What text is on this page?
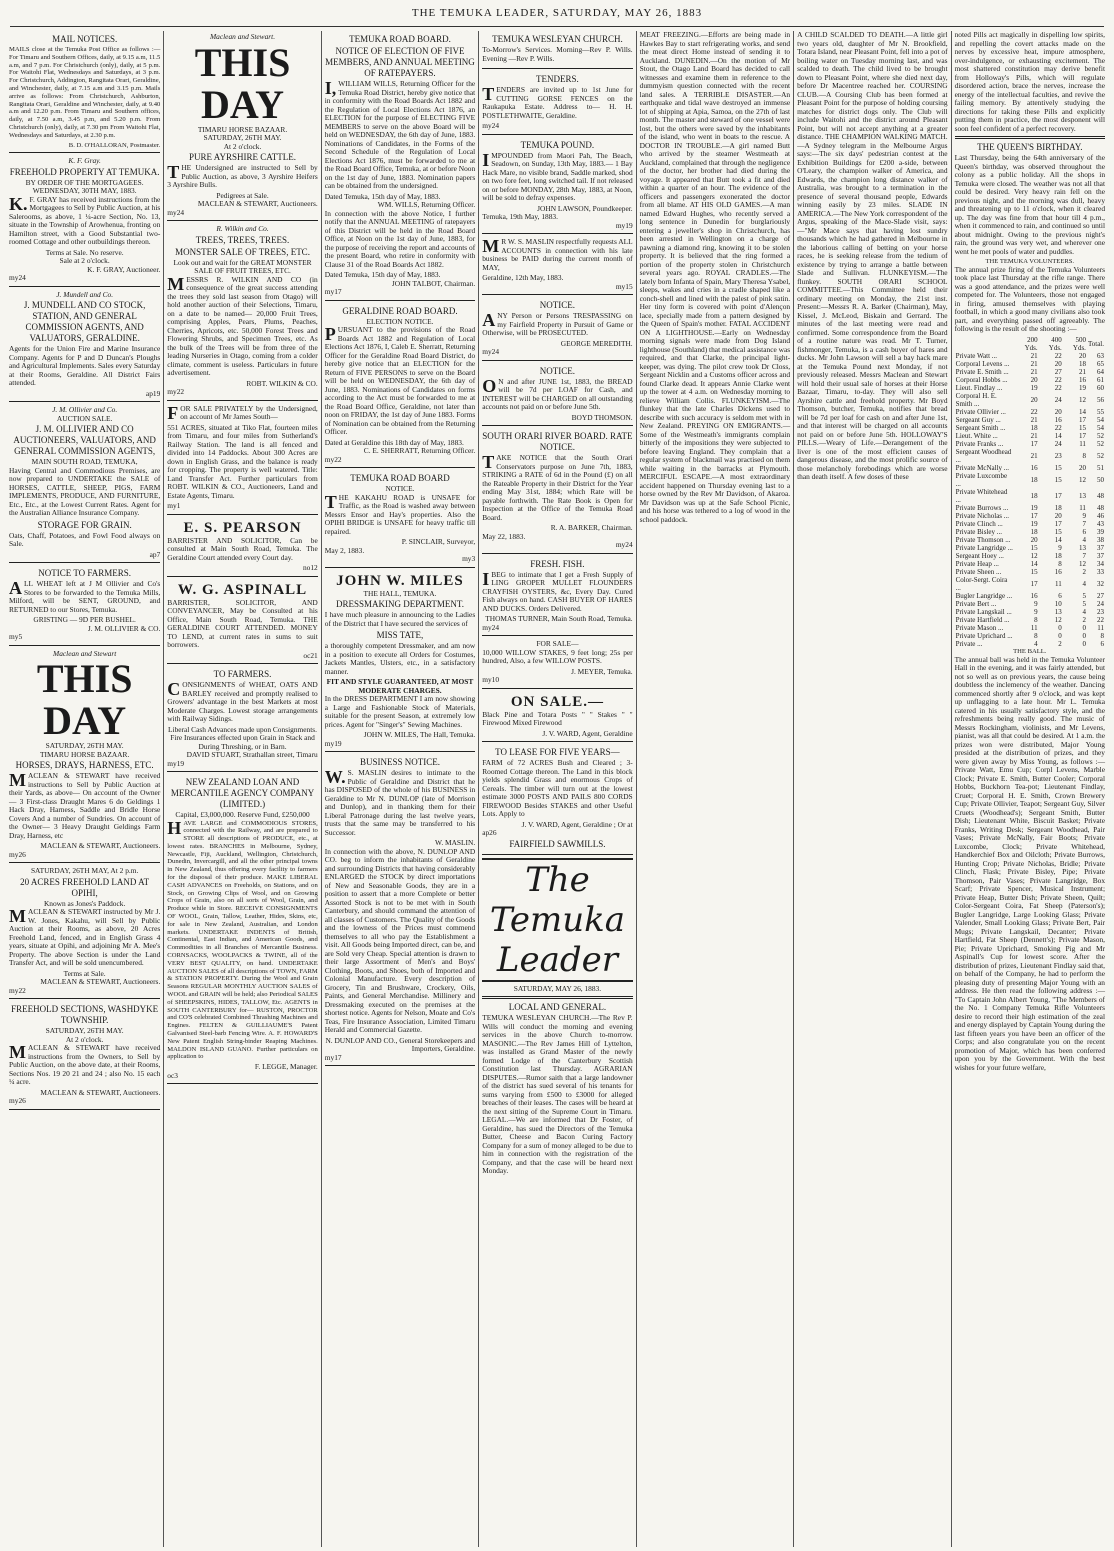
THE TEMUKA LEADER, SATURDAY, MAY 26, 1883
MAIL NOTICES.

MAILS close at the Temuka Post Office as follows :— For Timaru and Southern Offices, daily, at 9.15 a.m, 11.5 a.m, and 7 p.m. For Christchurch (only), daily, at 5 p.m. For Waitohi Flat, Wednesdays and Saturdays, at 3 p.m. For Christchurch, Addington, Rangitata Orari, Geraldine, and Winchester, daily, at 7.15 a.m and 3.15 p.m. Mails arrive as follows: From Christchurch, Ashburton, Rangitata Orari, Geraldine and Winchester, daily, at 9.40 a.m and 12.20 p.m. From Timaru and Southern offices, daily, at 7.50 a.m, 3.45 p.m, and 5.20 p.m. From Christchurch (only), daily, at 7.30 pm From Waitohi Flat, Wednesdays and Saturdays, at 2.30 p.m.

B. D. O'HALLORAN, Postmaster.
K. F. Gray.
FREEHOLD PROPERTY AT TEMUKA.
BY ORDER OF THE MORTGAGEES.
WEDNESDAY, 30TH MAY, 1883.

K.F. GRAY has received instructions from the Mortgagees to Sell by Public Auction, at his Salerooms, as above, 1 ¼-acre Section, No. 13, situate in the Township of Arowhenua, fronting on Hamilton street, with a Good Substantial two-roomed Cottage and other outbuildings thereon.

Terms at Sale. No reserve.
Sale at 2 o'clock.
K. F. GRAY, Auctioneer.
my24
J. Mundell and Co.
J. MUNDELL AND CO STOCK, STATION, AND GENERAL COMMISSION AGENTS, AND VALUATORS, GERALDINE.

Agents for the Union Fire and Marine Insurance Company. Agents for P and D Duncan's Ploughs and Agricultural Implements. Sales every Saturday at their Rooms, Geraldine. All District Fairs attended.

ap19
J. M. Ollivier and Co.
AUCTION SALE.
J. M. OLLIVIER AND CO AUCTIONEERS, VALUATORS, AND GENERAL COMMISSION AGENTS,
MAIN SOUTH ROAD, TEMUKA,

Having Central and Commodious Premises, are now prepared to UNDERTAKE the SALE of HORSES, CATTLE, SHEEP, PIGS, FARM IMPLEMENTS, PRODUCE, AND FURNITURE, Etc., Etc., at the Lowest Current Rates. Agent for the Australian Alliance Insurance Company.

STORAGE FOR GRAIN.

Oats, Chaff, Potatoes, and Fowl Food always on Sale.

ap7
NOTICE TO FARMERS.

ALL WHEAT left at J M Ollivier and Co's Stores to be forwarded to the Temuka Mills, Milford, will be SENT, GROUND, and RETURNED to our Stores, Temuka.

GRISTING — 9D PER BUSHEL.
J. M. OLLIVIER & CO.
my5
Maclean and Stewart
THIS DAY
SATURDAY, 26TH MAY.
TIMARU HORSE BAZAAR.
HORSES, DRAYS, HARNESS, ETC.

MACLEAN & STEWART have received instructions to Sell by Public Auction at their Yards, as above— On account of the Owner— 3 First-class Draught Mares 6 do Geldings 1 Hack Dray, Harness, Saddle and Bridle Horse Covers And a number of Sundries. On account of the Owner— 3 Heavy Draught Geldings Farm Dray, Harness, etc

MACLEAN & STEWART, Auctioneers.
my26
SATURDAY, 26TH MAY, At 2 p.m.
20 ACRES FREEHOLD LAND AT OPIHI,
Known as Jones's Paddock.

MACLEAN & STEWART instructed by Mr J. W. Jones, Kakahu, will Sell by Public Auction at their Rooms, as above, 20 Acres Freehold Land, fenced, and in English Grass 4 years, situate at Opihi, and adjoining Mr A. Mee's Property. The above Section is under the Land Transfer Act, and will be sold unencumbered.

Terms at Sale.
MACLEAN & STEWART, Auctioneers.
my22
FREEHOLD SECTIONS, WASHDYKE TOWNSHIP.
SATURDAY, 26TH MAY.
At 2 o'clock.

MACLEAN & STEWART have received instructions from the Owners, to Sell by Public Auction, on the above date, at their Rooms, Sections Nos. 19 20 21 and 24 ; also No. 15 each ¼ acre.

MACLEAN & STEWART, Auctioneers.
my26
Maclean and Stewart.
THIS DAY
TIMARU HORSE BAZAAR.
SATURDAY, 26TH MAY.
At 2 o'clock.
PURE AYRSHIRE CATTLE.

THE Undersigned are instructed to Sell by Public Auction, as above, 3 Ayrshire Heifers 3 Ayrshire Bulls.

Pedigrees at Sale.
MACLEAN & STEWART, Auctioneers.
my24
R. Wilkin and Co.
TREES, TREES, TREES.
MONSTER SALE OF TREES, ETC.
Look out and wait for the GREAT MONSTER SALE OF FRUIT TREES, ETC.

MESSRS R. WILKIN AND CO (in consequence of the great success attending the trees they sold last season from Otago) will hold another auction of their Selections, Timaru, on a date to be named— 20,000 Fruit Trees, comprising Apples, Pears, Plums, Peaches, Cherries, Apricots, etc. 50,000 Forest Trees and Flowering Shrubs, and Specimen Trees, etc. As the bulk of the Trees will be from three of the leading Nurseries in Otago, coming from a colder climate, comment is useless. Particulars in future advertisement.

ROBT. WILKIN & CO.
my22

FOR SALE PRIVATELY by the Undersigned, on account of Mr James South—

551 ACRES, situated at Tiko Flat, fourteen miles from Timaru, and four miles from Sutherland's Railway Station. The land is all fenced and divided into 14 Paddocks. About 300 Acres are down in English Grass, and the balance is ready for cropping. The property is well watered. Title: Land Transfer Act. Further particulars from ROBT. WILKIN & CO., Auctioneers, Land and Estate Agents, Timaru.

my1
E. S. PEARSON

BARRISTER AND SOLICITOR, Can be consulted at Main South Road, Temuka. The Geraldine Court attended every Court day.

no12
W. G. ASPINALL

BARRISTER, SOLICITOR, AND CONVEYANCER, May be Consulted at his Office, Main South Road, Temuka. THE GERALDINE COURT ATTENDED. MONEY TO LEND, at current rates in sums to suit borrowers.

oc21
TO FARMERS.

CONSIGNMENTS of WHEAT, OATS AND BARLEY received and promptly realised to Growers' advantage in the best Markets at most Moderate Charges. Lowest storage arrangements with Railway Sidings.

Liberal Cash Advances made upon Consignments.
Fire Insurances effected upon Grain in Stack and During Threshing, or in Barn.
DAVID STUART, Strathallan street, Timaru
my19
NEW ZEALAND LOAN AND MERCANTILE AGENCY COMPANY (LIMITED.)
Capital, £3,000,000. Reserve Fund, £250,000

HAVE LARGE and COMMODIOUS STORES, connected with the Railway, and are prepared to STORE all descriptions of PRODUCE, etc., at lowest rates. BRANCHES in Melbourne, Sydney, Newcastle, Fiji, Auckland, Wellington, Christchurch, Dunedin, Invercargill, and all the other principal towns in New Zealand, thus offering every facility to farmers for the disposal of their produce. MAKE LIBERAL CASH ADVANCES on Freeholds, on Stations, and on Stock, on Growing Clips of Wool, and on Growing Crops of Grain, also on all sorts of Wool, Grain, and Produce while in Store. RECEIVE CONSIGNMENTS OF WOOL, Grain, Tallow, Leather, Hides, Skins, etc, for sale in New Zealand, Australian, and London markets. UNDERTAKE INDENTS of British, Continental, East Indian, and American Goods, and Commodities in all Branches of Mercantile Business. CORNSACKS, WOOLPACKS & TWINE, all of the VERY BEST QUALITY, on hand. UNDERTAKE AUCTION SALES of all descriptions of TOWN, FARM & STATION PROPERTY. During the Wool and Grain Seasons REGULAR MONTHLY AUCTION SALES of WOOL and GRAIN will be held; also Periodical SALES of SHEEPSKINS, HIDES, TALLOW, Etc. AGENTS in SOUTH CANTERBURY for— RUSTON, PROCTOR and CO'S celebrated Combined Thrashing Machines and Engines. FELTEN & GUILLIAUME'S Patent Galvanised Steel-barb Fencing Wire. A. F. HOWARD'S New Patent English String-binder Reaping Machines. MALDON ISLAND GUANO. Further particulars on application to

F. LEGGE, Manager.
oc3
TEMUKA ROAD BOARD.
NOTICE OF ELECTION OF FIVE MEMBERS, AND ANNUAL MEETING OF RATEPAYERS.

I,WILLIAM WILLS, Returning Officer for the Temuka Road District, hereby give notice that in conformity with the Road Boards Act 1882 and the Regulation of Local Elections Act 1876, an ELECTION for the purpose of ELECTING FIVE MEMBERS to serve on the above Board will be held on WEDNESDAY, the 6th day of June, 1883. Nominations of Candidates, in the Forms of the Second Schedule of the Regulation of Local Elections Act 1876, must be forwarded to me at the Road Board Office, Temuka, at or before Noon on the 1st day of June, 1883. Nomination papers can be obtained from the undersigned.

Dated Temuka, 15th day of May, 1883.
WM. WILLS, Returning Officer.

In connection with the above Notice, I further notify that the ANNUAL MEETING of ratepayers of this District will be held in the Road Board Office, at Noon on the 1st day of June, 1883, for the purpose of receiving the report and accounts of the present Board, who retire in conformity with Clause 31 of the Road Boards Act 1882.

Dated Temuka, 15th day of May, 1883.
JOHN TALBOT, Chairman.
my17
GERALDINE ROAD BOARD.
ELECTION NOTICE.

PURSUANT to the provisions of the Road Boards Act 1882 and Regulation of Local Elections Act 1876, I, Caleb E. Sherratt, Returning Officer for the Geraldine Road Board District, do hereby give notice that an ELECTION for the Return of FIVE PERSONS to serve on the Board will be held on WEDNESDAY, the 6th day of June, 1883. Nominations of Candidates on forms according to the Act must be forwarded to me at the Road Board Office, Geraldine, not later than noon on FRIDAY, the 1st day of June 1883. Forms of Nomination can be obtained from the Returning Officer.

Dated at Geraldine this 18th day of May, 1883.
C. E. SHERRATT, Returning Officer.
my22
TEMUKA ROAD BOARD
NOTICE.

THE KAKAHU ROAD is UNSAFE for Traffic, as the Road is washed away between Messrs Ensor and Hay's properties. Also the OPIHI BRIDGE is UNSAFE for heavy traffic till repaired.

P. SINCLAIR, Surveyor,
May 2, 1883.
my3
JOHN W. MILES
THE HALL, TEMUKA.
DRESSMAKING DEPARTMENT.

I have much pleasure in announcing to the Ladies of the District that I have secured the services of

MISS TATE,

a thoroughly competent Dressmaker, and am now in a position to execute all Orders for Costumes, Jackets Mantles, Ulsters, etc., in a satisfactory manner.

FIT AND STYLE GUARANTEED, AT MOST MODERATE CHARGES.

In the DRESS DEPARTMENT I am now showing a Large and Fashionable Stock of Materials, suitable for the present Season, at extremely low prices. Agent for "Singer's" Sewing Machines.

JOHN W. MILES, The Hall, Temuka.
my19
BUSINESS NOTICE.

W.S. MASLIN desires to intimate to the Public of Geraldine and District that he has DISPOSED of the whole of his BUSINESS in Geraldine to Mr N. DUNLOP (late of Morrison and Dunlop), and in thanking them for their Liberal Patronage during the last twelve years, trusts that the same may be transferred to his Successor.

W. MASLIN.

In connection with the above, N. DUNLOP AND CO. beg to inform the inhabitants of Geraldine and surrounding Districts that having considerably ENLARGED the STOCK by direct importations of New and Seasonable Goods, they are in a position to assert that a more Complete or better Assorted Stock is not to be met with in South Canterbury, and should command the attention of all classes of Customers. The Quality of the Goods and the lowness of the Prices must commend themselves to all who pay the Establishment a visit. All Goods being Imported direct, can be, and are Sold very Cheap. Special attention is drawn to their large Assortment of Men's and Boys' Clothing, Boots, and Shoes, both of Imported and Colonial Manufacture. Every description of Grocery, Tin and Brushware, Crockery, Oils, Paints, and General Merchandise. Millinery and Dressmaking executed on the premises at the shortest notice. Agents for Nelson, Moate and Co's Teas, Fire Insurance Association, Limited Timaru Herald and Commercial Gazette.

N. DUNLOP AND CO., General Storekeepers and Importers, Geraldine.
my17
TEMUKA WESLEYAN CHURCH.

To-Morrow's Services. Morning—Rev P. Wills. Evening —Rev P. Wills.

TENDERS.

TENDERS are invited up to 1st June for CUTTING GORSE FENCES on the Raukapuka Estate. Address to— H. H. POSTLETHWAITE, Geraldine.

my24
TEMUKA POUND.

IMPOUNDED from Maori Pah, The Beach, Seadown, on Sunday, 13th May, 1883.— 1 Bay Hack Mare, no visible brand, Saddle marked, shod on two fore feet, long switched tail. If not released on or before MONDAY, 28th May, 1883, at Noon, will be sold to defray expenses.

JOHN LAWSON, Poundkeeper.
Temuka, 19th May, 1883.
my19

MR W. S. MASLIN respectfully requests ALL ACCOUNTS in connection with his late business be PAID during the current month of MAY,

Geraldine, 12th May, 1883.
my15
NOTICE.

ANY Person or Persons TRESPASSING on my Fairfield Property in Pursuit of Game or Otherwise, will be PROSECUTED.

GEORGE MEREDITH.
my24
NOTICE.

ON and after JUNE 1st, 1883, the BREAD will be 7d per LOAF for Cash, and INTEREST will be CHARGED on all outstanding accounts not paid on or before June 5th.

BOYD THOMSON.
SOUTH ORARI RIVER BOARD. RATE NOTICE.

TAKE NOTICE that the South Orari Conservators purpose on June 7th, 1883, STRIKING a RATE of 6d in the Pound (£) on all the Rateable Property in their District for the Year ending May 31st, 1884; which Rate will be payable forthwith. The Rate Book is Open for Inspection at the Office of the Temuka Road Board.

R. A. BARKER, Chairman.
May 22, 1883.
my24
FRESH. FISH.

IBEG to intimate that I get a Fresh Supply of LING GROPER MULLET FLOUNDERS CRAYFISH OYSTERS, &c, Every Day. Cured Fish always on hand. CASH BUYER OF HARES AND DUCKS. Orders Delivered.

THOMAS TURNER, Main South Road, Temuka.
my24
FOR SALE—

10,000 WILLOW STAKES, 9 feet long; 25s per hundred, Also, a few WILLOW POSTS.

J. MEYER, Temuka.
my10
ON SALE.—

Black Pine and Totara Posts " " Stakes " " Firewood Mixed Firewood

J. V. WARD, Agent, Geraldine
TO LEASE FOR FIVE YEARS—

FARM of 72 ACRES Bush and Cleared ; 3-Roomed Cottage thereon. The Land in this block yields splendid Grass and enormous Crops of Cereals. The timber will turn out at the lowest estimate 3000 POSTS AND PAILS 800 CORDS FIREWOOD Besides STAKES and other Useful Lots. Apply to

J. V. WARD, Agent, Geraldine ; Or at
ap26
FAIRFIELD SAWMILLS.
The Temuka Leader
SATURDAY, MAY 26, 1883.
LOCAL AND GENERAL.

TEMUKA WESLEYAN CHURCH.—The Rev P. Wills will conduct the morning and evening services in the above Church to-morrow. MASONIC.—The Rev James Hill of Lyttelton, was installed as Grand Master of the newly formed Lodge of the Canterbury Scottish Constitution last Thursday. AGRARIAN DISPUTES.—Rumor saith that a large landowner of the district has sued several of his tenants for sums varying from £500 to £3000 for alleged breaches of their leases. The cases will be heard at the next sitting of the Supreme Court in Timaru. LEGAL.—We are informed that Dr Foster, of Geraldine, has sued the Directors of the Temuka Butter, Cheese and Bacon Curing Factory Company for a sum of money alleged to be due to him in connection with the registration of the Company, and that the case will be heard next Monday.

MEAT FREEZING.—Efforts are being made in Hawkes Bay to start refrigerating works, and send the meat direct Home instead of sending it to Auckland. DUNEDIN.—On the motion of Mr Stout, the Otago Land Board has decided to call witnesses and examine them in reference to the dummyism question connected with the recent land sales. A TERRIBLE DISASTER.—An earthquake and tidal wave destroyed an immense lot of shipping at Apia, Samoa, on the 27th of last month. The master and steward of one vessel were lost, but the others were saved by the inhabitants of the island, who went in boats to the rescue. A DOCTOR IN TROUBLE.—A girl named Butt who arrived by the steamer Westmeath at Auckland, complained that through the negligence of the doctor, her brother had died during the voyage. It appeared that Butt took a fit and died within a quarter of an hour. The evidence of the officers and passengers exonerated the doctor from all blame. AT HIS OLD GAMES.—A man named Edward Hughes, who recently served a long sentence in Dunedin for burglariously entering a jeweller's shop in Christchurch, has been arrested in Wellington on a charge of pawning a diamond ring, knowing it to be stolen property. It is believed that the ring formed a portion of the property stolen in Christchurch several years ago. ROYAL CRADLES.—The lately born Infanta of Spain, Mary Theresa Ysabel, sleeps, wakes and cries in a cradle shaped like a conch-shell and lined with the palest of pink satin. Her tiny form is covered with point d'Alençon lace, specially made from a pattern designed by the Queen of Spain's mother. FATAL ACCIDENT ON A LIGHTHOUSE.—Early on Wednesday morning signals were made from Dog Island lighthouse (Southland) that medical assistance was required, and that Clarke, the principal light-keeper, was dying. The pilot crew took Dr Closs, Sergeant Nicklin and a Customs officer across and found Clarke dead. It appears Annie Clarke went up the tower at 4 a.m. on Wednesday morning to relieve William Collis. FLUNKEYISM.—The flunkey that the late Charles Dickens used to describe with such accuracy is seldom met with in New Zealand. PREYING ON EMIGRANTS.—Some of the Westmeath's immigrants complain bitterly of the impositions they were subjected to before leaving England. They complain that a regular system of blackmail was practised on them while waiting in the barracks at Plymouth. MERCIFUL ESCAPE.—A most extraordinary accident happened on Thursday evening last to a horse owned by the Rev Mr Davidson, of Akaroa. Mr Davidson was up at the Safe School Picnic, and his horse was tethered to a log of wood in the school paddock.

A CHILD SCALDED TO DEATH.—A little girl two years old, daughter of Mr N. Brookfield, Totara Island, near Pleasant Point, fell into a pot of boiling water on Tuesday morning last, and was scalded to death. The child lived to be brought down to Pleasant Point, where she died next day, before Dr Macentree reached her. COURSING CLUB.—A Coursing Club has been formed at Pleasant Point for the purpose of holding coursing matches for district dogs only. The Club will include Waitohi and the district around Pleasant Point, but will not accept anything at a greater distance. THE CHAMPION WALKING MATCH.—A Sydney telegram in the Melbourne Argus says:—The six days' pedestrian contest at the Exhibition Buildings for £200 a-side, between O'Leary, the champion walker of America, and Edwards, the champion long distance walker of Australia, was brought to a termination in the presence of several thousand people, Edwards winning easily by 23 miles. SLADE IN AMERICA.—The New York correspondent of the Argus, speaking of the Mace-Slade visit, says:—"Mr Mace says that having lost sundry thousands which he had gathered in Melbourne in the laborious calling of betting on your horse races, he is seeking release from the tedium of existence by trying to arrange a battle between Slade and Sullivan. FLUNKEYISM.—The flunkey. SOUTH ORARI SCHOOL COMMITTEE.—This Committee held their ordinary meeting on Monday, the 21st inst. Present:—Messrs R. A. Barker (Chairman), May, Kissel, J. McLeod, Biskain and Gerrard. The minutes of the last meeting were read and confirmed. Some correspondence from the Board of a routine nature was read. Mr T. Turner, fishmonger, Temuka, is a cash buyer of hares and ducks. Mr John Lawson will sell a bay hack mare at the Temuka Pound next Monday, if not previously released. Messrs Maclean and Stewart will hold their usual sale of horses at their Horse Bazaar, Timaru, to-day. They will also sell Ayrshire cattle and freehold property. Mr Boyd Thomson, butcher, Temuka, notifies that bread will be 7d per loaf for cash on and after June 1st, and that interest will be charged on all accounts not paid on or before June 5th. HOLLOWAY'S PILLS.—Weary of Life.—Derangement of the liver is one of the most efficient causes of dangerous disease, and the most prolific source of those melancholy forebodings which are worse than death itself. A few doses of these

noted Pills act magically in dispelling low spirits, and repelling the covert attacks made on the nerves by excessive heat, impure atmosphere, over-indulgence, or exhausting excitement. The most shattered constitution may derive benefit from Holloway's Pills, which will regulate disordered action, brace the nerves, increase the energy of the intellectual faculties, and revive the failing memory. By attentively studying the directions for taking these Pills and explicitly putting them in practice, the most desponent will soon feel confident of a perfect recovery.

THE QUEEN'S BIRTHDAY.

Last Thursday, being the 64th anniversary of the Queen's birthday, was observed throughout the colony as a public holiday. All the shops in Temuka were closed. The weather was not all that could be desired. Very heavy rain fell on the previous night, and the morning was dull, heavy and threatening up to 11 o'clock, when it cleared up. The day was fine from that hour till 4 p.m., when it commenced to rain, and continued so until about midnight. Owing to the previous night's rain, the ground was very wet, and wherever one went he met pools of water and puddles.

THE TEMUKA VOLUNTEERS.

The annual prize firing of the Temuka Volunteers took place last Thursday at the rifle range. There was a good attendance, and the prizes were well competed for. The Volunteers, those not engaged in firing, amused themselves with playing football, in which a good many civilians also took part, and everything passed off agreeably. The following is the result of the shooting :—

	200 Yds.	400 Yds.	500 Yds.	Total.
Private Watt ...	21	22	20	63
Corporal Levens ...	21	20	18	65
Private E. Smith ...	21	27	21	64
Corporal Hobbs ...	20	22	16	61
Lieut. Findlay ...	19	22	19	60
Corporal H. E. Smith ...	20	24	12	56
Private Ollivier ...	22	20	14	55
Sergeant Guy ...	21	16	17	54
Sergeant Smith ...	18	22	15	54
Lieut. White ...	21	14	17	52
Private Franks ...	17	24	11	52
Sergeant Woodhead ...	21	23	8	52
Private McNally ...	16	15	20	51
Private Luxcombe ...	18	15	12	50
Private Whitehead ...	18	17	13	48
Private Burrows ...	19	18	11	48
Private Nicholas ...	17	20	9	46
Private Clinch ...	19	17	7	43
Private Bisley ...	18	15	6	39
Private Thomson ...	20	14	4	38
Private Langridge ...	15	9	13	37
Sergeant Hoey ...	12	18	7	37
Private Heap ...	14	8	12	34
Private Sheen ...	15	16	2	33
Color-Sergt. Coira ...	17	11	4	32
Bugler Langridge ...	16	6	5	27
Private Bert ...	9	10	5	24
Private Langskail ...	9	13	4	23
Private Hartfield ...	8	12	2	22
Private Mason ...	11	0	0	11
Private Uprichard ...	8	0	0	8
Private ...	4	2	0	6
THE BALL.

The annual ball was held in the Temuka Volunteer Hall in the evening, and it was fairly attended, but not so well as on previous years, the cause being doubtless the inclemency of the weather. Dancing commenced shortly after 9 o'clock, and was kept up unflagging to a late hour. Mr L. Temuka catered in his usually satisfactory style, and the refreshments being really good. The music of Messrs Rockingham, violinists, and Mr Levens, pianist, was all that could be desired. At 1 a.m. the prizes won were distributed, Major Young presided at the distribution of prizes, and they were given away by Miss Young, as follows :— Private Watt, Emu Cup; Corpl Levens, Marble Clock; Private E. Smith, Butter Cooler; Corporal Hobbs, Buckhorn Tea-pot; Lieutenant Findlay, Cruet; Corporal H. E. Smith, Crown Brewery Cup; Private Ollivier, Teapot; Sergeant Guy, Silver Cruets (Woodhead's); Sergeant Smith, Butter Dish; Lieutenant White, Biscuit Basket; Private Franks, Writing Desk; Sergeant Woodhead, Pair Vases; Private McNally, Fair Boots; Private Luxcombe, Clock; Private Whitehead, Handkerchief Box and Oilcloth; Private Burrows, Hunting Crop; Private Nicholas, Bridle; Private Clinch, Flask; Private Bisley, Pipe; Private Thomson, Pair Vases; Private Langridge, Box Scarf; Private Spencer, Musical Instrument; Private Heap, Butter Dish; Private Sheen, Quilt; Color-Sergeant Coira, Fat Sheep (Paterson's); Bugler Langridge, Large Looking Glass; Private Valender, Small Looking Glass; Private Bert, Pair Mugs; Private Langskail, Decanter; Private Hartfield, Fat Sheep (Dennett's); Private Mason, Pie; Private Uprichard, Smoking Pig and Mr Aspinall's Cup for lowest score. After the distribution of prizes, Lieutenant Findlay said that, on behalf of the Company, he had to perform the pleasing duty of presenting Major Young with an address. He then read the following address :— "To Captain John Albert Young, "The Members of the No. 1 Company Temuka Rifle Volunteers desire to record their high estimation of the zeal and energy displayed by Captain Young during the last fifteen years you have been an officer of the Corps; and also congratulate you on the recent promotion of Major, which has been conferred upon you by the Government. With the best wishes for your future welfare,
